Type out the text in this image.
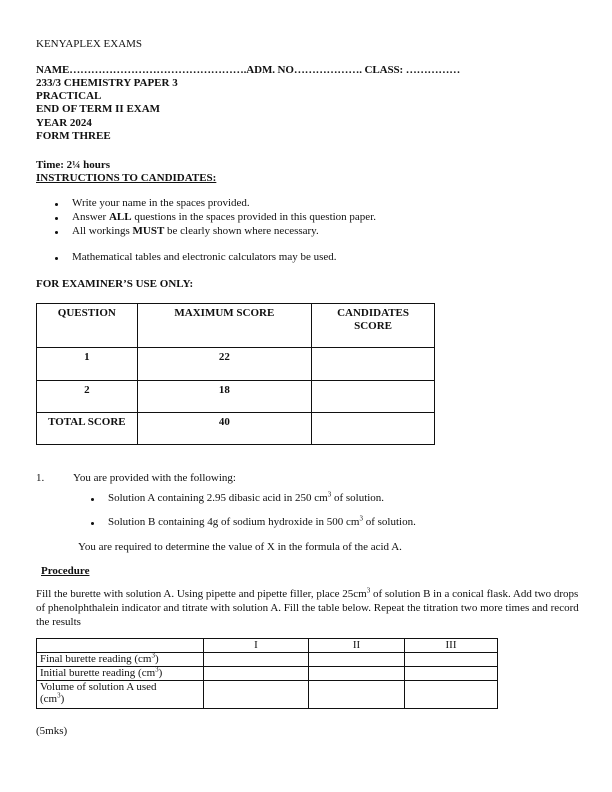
KENYAPLEX EXAMS
NAME………………………………………….ADM. NO………………. CLASS: ……………
233/3 CHEMISTRY PAPER 3
PRACTICAL
END OF TERM II EXAM
YEAR 2024
FORM THREE
Time: 2¼ hours
INSTRUCTIONS TO CANDIDATES:
Write your name in the spaces provided.
Answer ALL questions in the spaces provided in this question paper.
All workings MUST be clearly shown where necessary.
Mathematical tables and electronic calculators may be used.
FOR EXAMINER’S USE ONLY:
QUESTION	MAXIMUM SCORE	CANDIDATES SCORE
1	22	
2	18	
TOTAL SCORE	40	
1.	You are provided with the following:
Solution A containing 2.95 dibasic acid in 250 $cm^3$ of solution.
Solution B containing 4g of sodium hydroxide in 500 $cm^3$ of solution.
You are required to determine the value of X in the formula of the acid A.
Procedure
Fill the burette with solution A. Using pipette and pipette filler, place $25cm^3$ of solution B in a conical flask. Add two drops of phenolphthalein indicator and titrate with solution A. Fill the table below. Repeat the titration two more times and record the results
	I	II	III
Final burette reading $(cm^3)$			
Initial burette reading $(cm^3)$			
Volume of solution A used $(cm^3)$			
(5mks)
